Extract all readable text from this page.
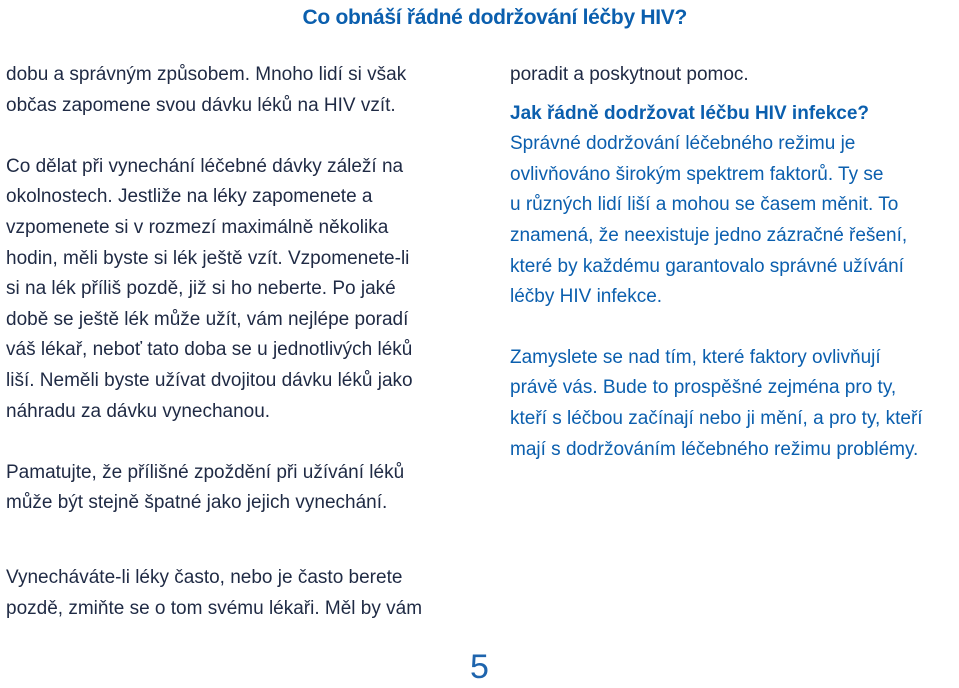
Co obnáší řádné dodržování léčby HIV?
dobu a správným způsobem. Mnoho lidí si však
občas zapomene svou dávku léků na HIV vzít.
Co dělat při vynechání léčebné dávky záleží na
okolnostech. Jestliže na léky zapomenete a
vzpomenete si v rozmezí maximálně několika
hodin, měli byste si lék ještě vzít. Vzpomenete-li
si na lék příliš pozdě, již si ho neberte. Po jaké
době se ještě lék může užít, vám nejlépe poradí
váš lékař, neboť tato doba se u jednotlivých léků
liší. Neměli byste užívat dvojitou dávku léků jako
náhradu za dávku vynechanou.
Pamatujte, že přílišné zpoždění při užívání léků
může být stejně špatné jako jejich vynechání.
Vynecháváte-li léky často, nebo je často berete
pozdě, zmiňte se o tom svému lékaři. Měl by vám
poradit a poskytnout pomoc.
Jak řádně dodržovat léčbu HIV infekce?
Správné dodržování léčebného režimu je
ovlivňováno širokým spektrem faktorů. Ty se
u různých lidí liší a mohou se časem měnit. To
znamená, že neexistuje jedno zázračné řešení,
které by každému garantovalo správné užívání
léčby HIV infekce.
Zamyslete se nad tím, které faktory ovlivňují
právě vás. Bude to prospěšné zejména pro ty,
kteří s léčbou začínají nebo ji mění, a pro ty, kteří
mají s dodržováním léčebného režimu problémy.
5
